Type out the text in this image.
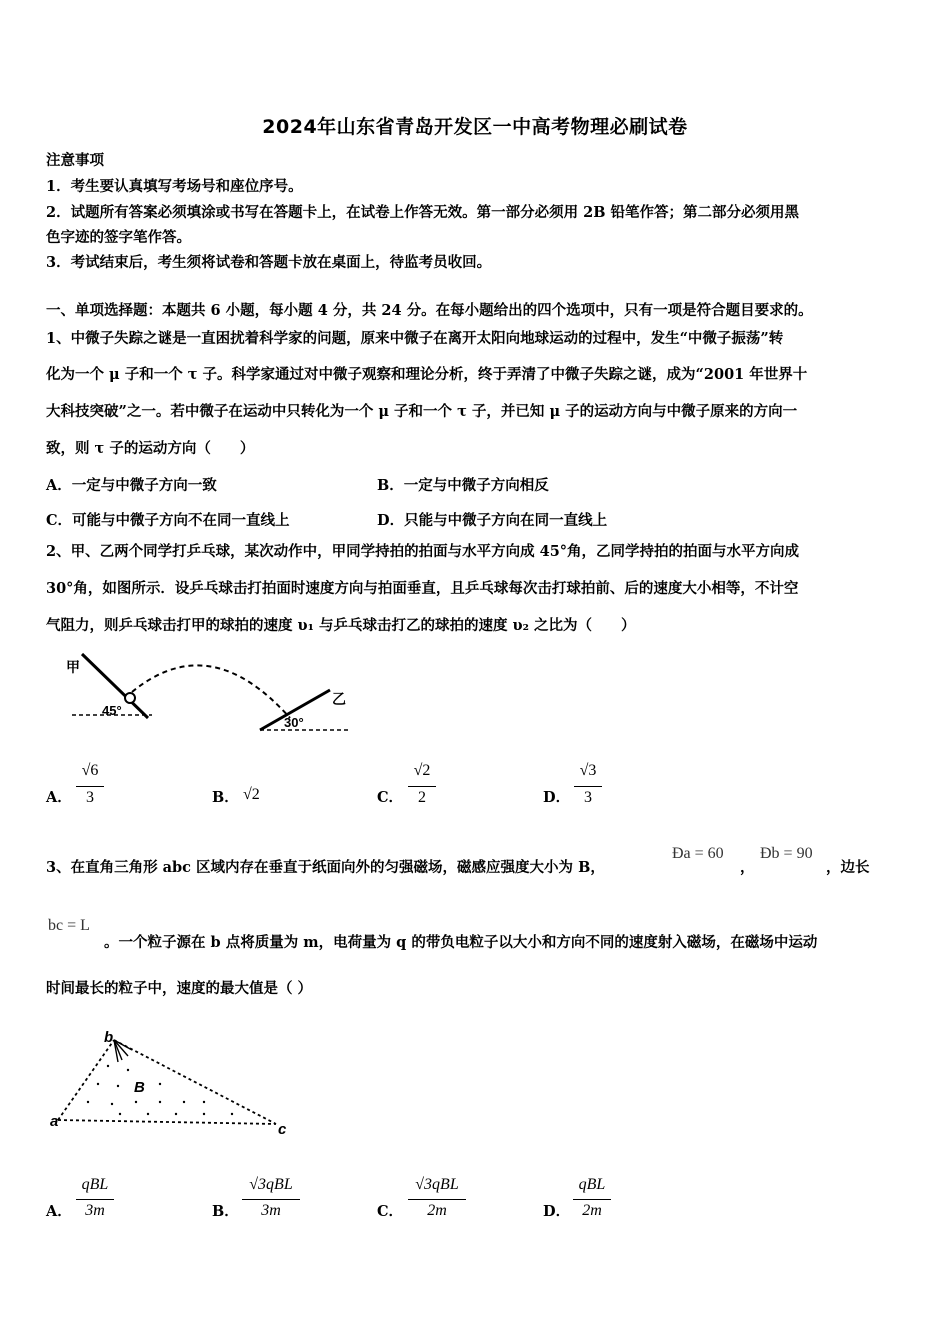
2024年山东省青岛开发区一中高考物理必刷试卷
注意事项
1．考生要认真填写考场号和座位序号。
2．试题所有答案必须填涂或书写在答题卡上，在试卷上作答无效。第一部分必须用 2B 铅笔作答；第二部分必须用黑
色字迹的签字笔作答。
3．考试结束后，考生须将试卷和答题卡放在桌面上，待监考员收回。
一、单项选择题：本题共 6 小题，每小题 4 分，共 24 分。在每小题给出的四个选项中，只有一项是符合题目要求的。
1、中微子失踪之谜是一直困扰着科学家的问题，原来中微子在离开太阳向地球运动的过程中，发生“中微子振荡”转
化为一个 μ 子和一个 τ 子。科学家通过对中微子观察和理论分析，终于弄清了中微子失踪之谜，成为“2001 年世界十
大科技突破”之一。若中微子在运动中只转化为一个 μ 子和一个 τ 子，并已知 μ 子的运动方向与中微子原来的方向一
致，则 τ 子的运动方向（　　）
A．一定与中微子方向一致	B．一定与中微子方向相反
C．可能与中微子方向不在同一直线上	D．只能与中微子方向在同一直线上
2、甲、乙两个同学打乒乓球，某次动作中，甲同学持拍的拍面与水平方向成 45°角，乙同学持拍的拍面与水平方向成
30°角，如图所示．设乒乓球击打拍面时速度方向与拍面垂直，且乒乓球每次击打球拍前、后的速度大小相等，不计空
气阻力，则乒乓球击打甲的球拍的速度 υ₁ 与乒乓球击打乙的球拍的速度 υ₂ 之比为（　　）
甲
乙
45°
30°
A．
√6
3	B． √2	C．
√2
2	D．
√3
3
3、在直角三角形 abc 区域内存在垂直于纸面向外的匀强磁场，磁感应强度大小为 B，
Ða = 60
，
Ðb = 90
，边长
bc = L
。一个粒子源在 b 点将质量为 m，电荷量为 q 的带负电粒子以大小和方向不同的速度射入磁场，在磁场中运动
时间最长的粒子中，速度的最大值是（ ）
b
a	c
B
A．
qBL
3m	B．
√3qBL
3m	C．
√3qBL
2m	D．
qBL
2m
